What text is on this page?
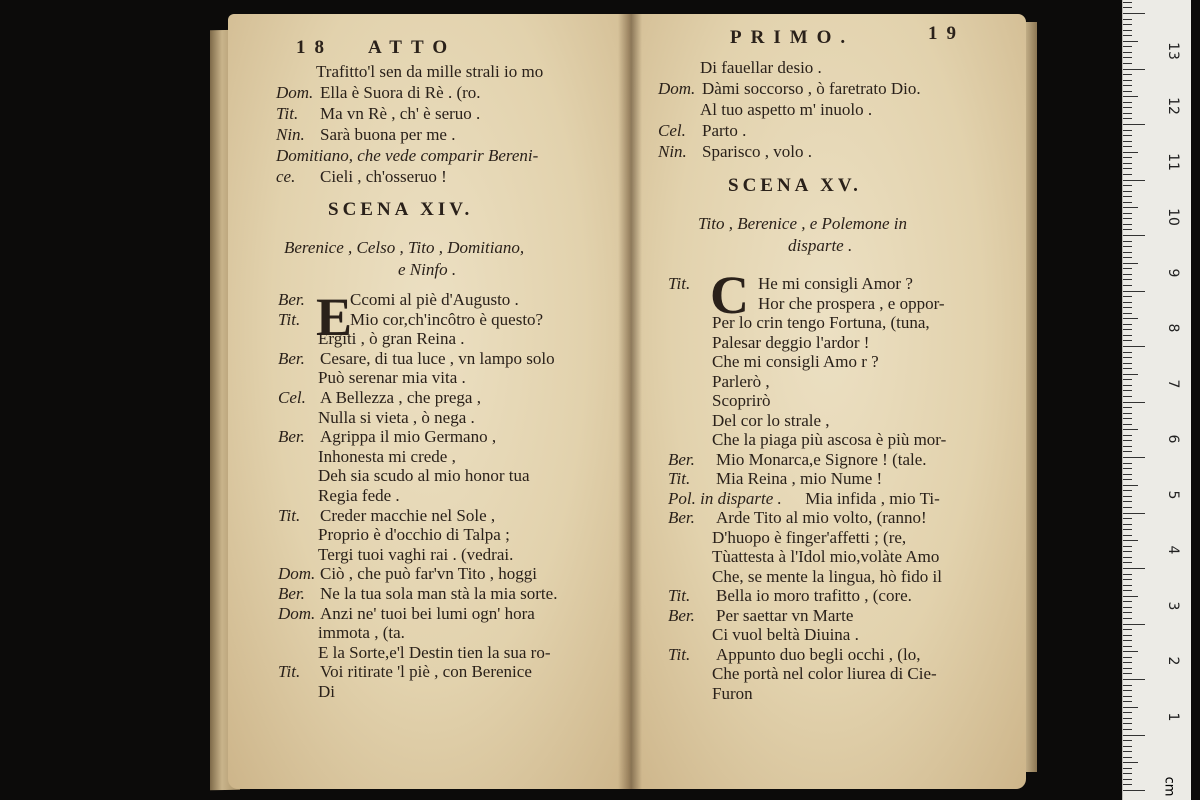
18 ATTO
Trafitto'l sen da mille strali io mo
Dom. Ella è Suora di Rè . (ro.
Tit. Ma vn Rè , ch' è seruo .
Nin. Sarà buona per me .
Domitiano, che vede comparir Bereni-
ce. Cieli , ch'osseruo !
SCENA XIV.
Berenice , Celso , Tito , Domitiano,
e Ninfo .
E
Ber.	Ccomi al piè d'Augusto .
Tit.	Mio cor,ch'incôtro è questo?
Ergiti , ò gran Reina .
Ber. Cesare, di tua luce , vn lampo solo
Può serenar mia vita .
Cel. A Bellezza , che prega ,
Nulla si vieta , ò nega .
Ber. Agrippa il mio Germano ,
Inhonesta mi crede ,
Deh sia scudo al mio honor tua
Regia fede .
Tit. Creder macchie nel Sole ,
Proprio è d'occhio di Talpa ;
Tergi tuoi vaghi rai . (vedrai.
Dom. Ciò , che può far'vn Tito , hoggi
Ber. Ne la tua sola man stà la mia sorte.
Dom. Anzi ne' tuoi bei lumi ogn' hora
immota , (ta.
E la Sorte,e'l Destin tien la sua ro-
Tit. Voi ritirate 'l piè , con Berenice
Di
PRIMO.	19
Di fauellar desio .
Dom. Dàmi soccorso , ò faretrato Dio.
Al tuo aspetto m' inuolo .
Cel. Parto .
Nin. Sparisco , volo .
SCENA XV.
Tito , Berenice , e Polemone in
disparte .
C
Tit.	He mi consigli Amor ?
Hor che prospera , e oppor-
Per lo crin tengo Fortuna, (tuna,
Palesar deggio l'ardor !
Che mi consigli Amo r ?
Parlerò ,
Scoprirò
Del cor lo strale ,
Che la piaga più ascosa è più mor-
Ber. Mio Monarca,e Signore ! (tale.
Tit. Mia Reina , mio Nume !
Pol. in disparte . Mia infida , mio Ti-
Ber. Arde Tito al mio volto, (ranno!
D'huopo è finger'affetti ; (re,
Tùattesta à l'Idol mio,volàte Amo
Che, se mente la lingua, hò fido il
Tit. Bella io moro trafitto , (core.
Ber. Per saettar vn Marte
Ci vuol beltà Diuina .
Tit. Appunto duo begli occhi , (lo,
Che portà nel color liurea di Cie-
Furon
13
12
11
10
9
8
7
6
5
4
3
2
1
cm
